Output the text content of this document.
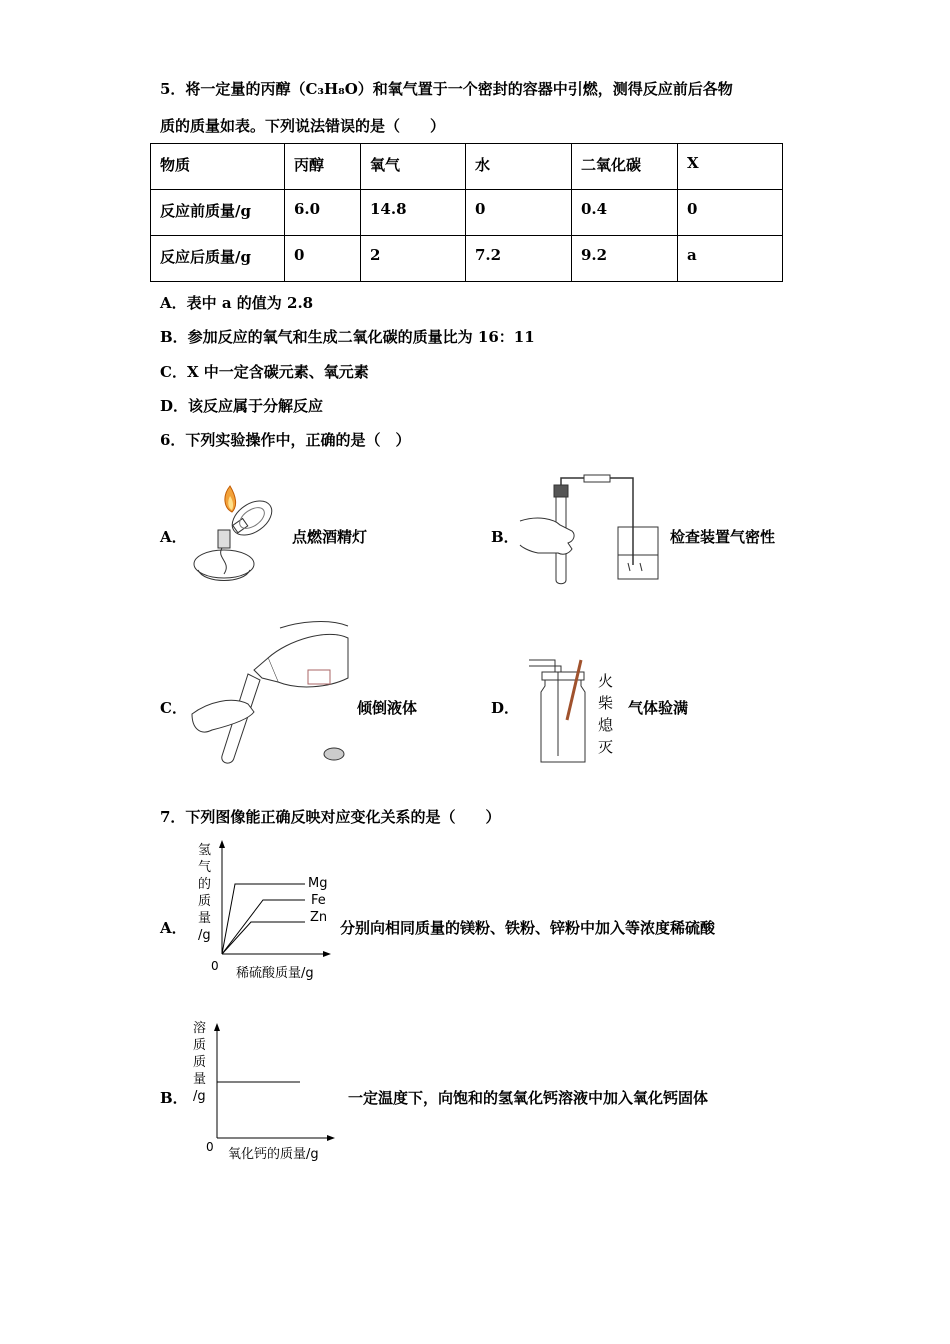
5．将一定量的丙醇（C₃H₈O）和氧气置于一个密封的容器中引燃，测得反应前后各物
质的质量如表。下列说法错误的是（　　）
物质	丙醇	氧气	水	二氧化碳	X
反应前质量/g	6.0	14.8	0	0.4	0
反应后质量/g	0	2	7.2	9.2	a
A．表中 a 的值为 2.8
B．参加反应的氧气和生成二氧化碳的质量比为 16：11
C．X 中一定含碳元素、氧元素
D．该反应属于分解反应
6．下列实验操作中，正确的是（　）
A．	点燃酒精灯	B．	检查装置气密性
C．	倾倒液体	D．
火
柴
熄
灭
气体验满
7．下列图像能正确反映对应变化关系的是（　　）
A．
氢
气
的
质
量
/g
Mg
Fe
Zn
0 稀硫酸质量/g
分别向相同质量的镁粉、铁粉、锌粉中加入等浓度稀硫酸
B．
溶
质
质
量
/g
0 氧化钙的质量/g
一定温度下，向饱和的氢氧化钙溶液中加入氧化钙固体
